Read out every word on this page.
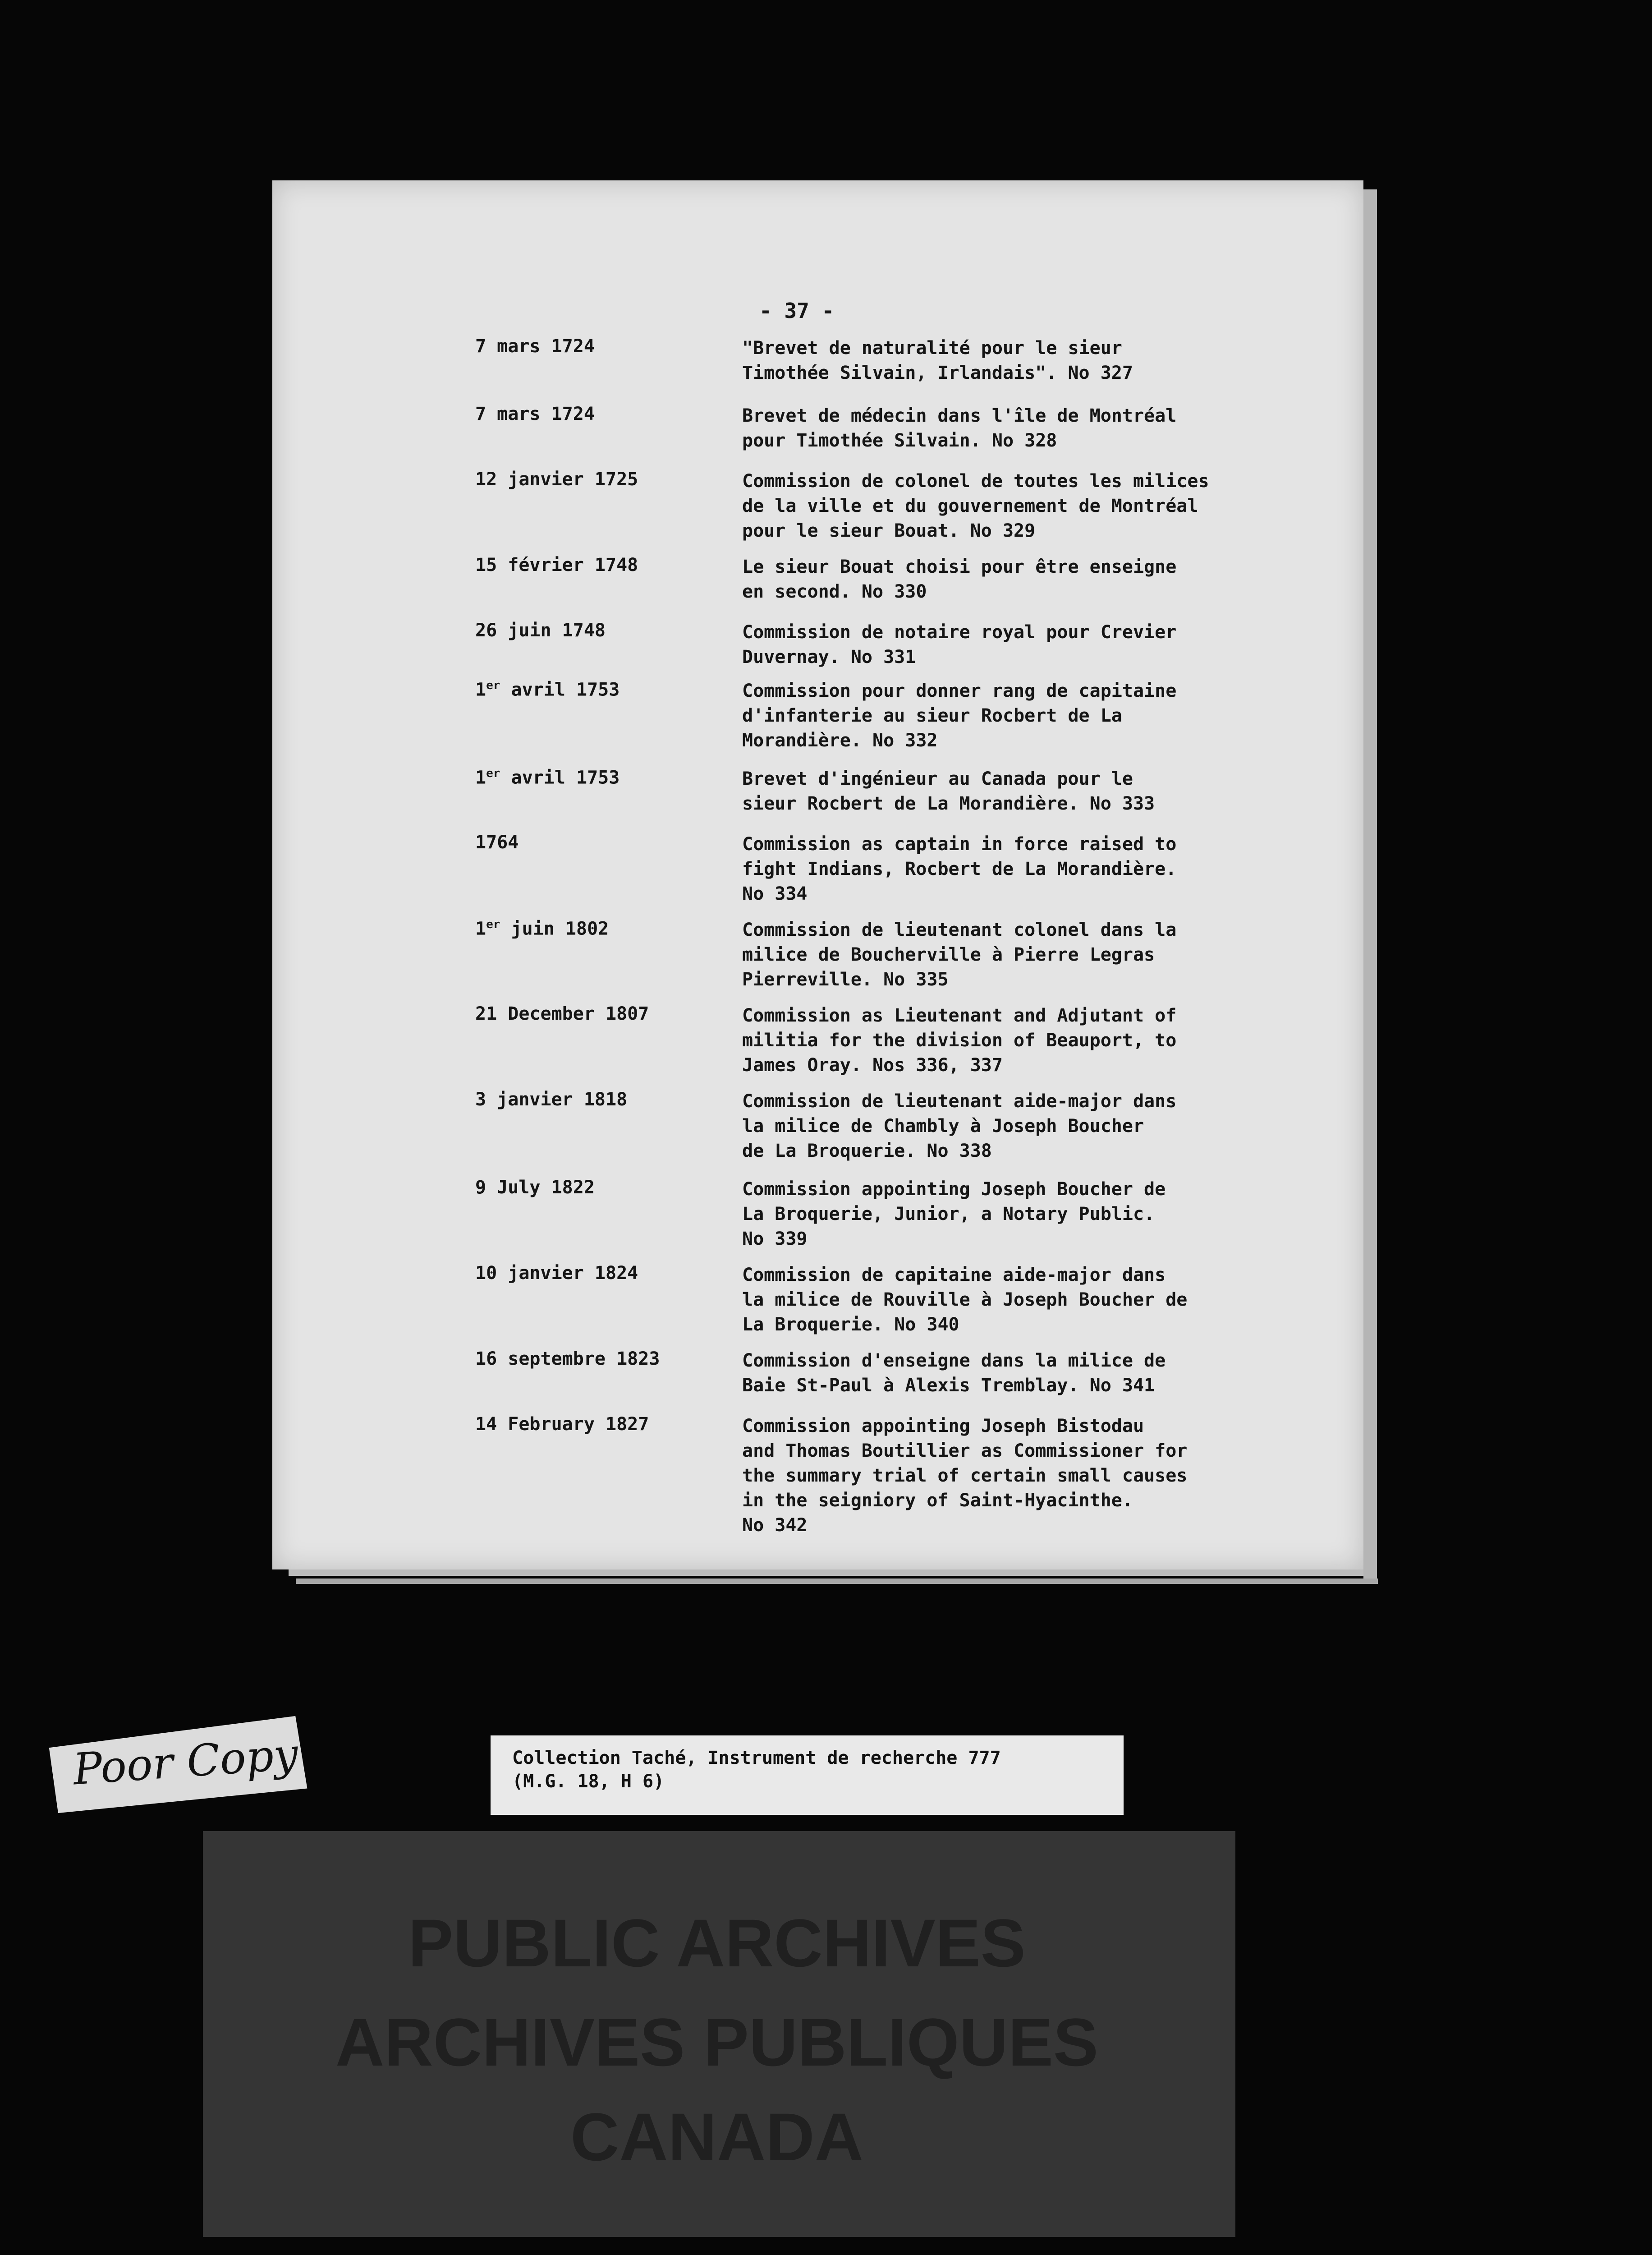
- 37 -
7 mars 1724	"Brevet de naturalité pour le sieur
Timothée Silvain, Irlandais". No 327
7 mars 1724	Brevet de médecin dans l'île de Montréal
pour Timothée Silvain. No 328
12 janvier 1725	Commission de colonel de toutes les milices
de la ville et du gouvernement de Montréal
pour le sieur Bouat. No 329
15 février 1748	Le sieur Bouat choisi pour être enseigne
en second. No 330
26 juin 1748	Commission de notaire royal pour Crevier
Duvernay. No 331
1er avril 1753	Commission pour donner rang de capitaine
d'infanterie au sieur Rocbert de La
Morandière. No 332
1er avril 1753	Brevet d'ingénieur au Canada pour le
sieur Rocbert de La Morandière. No 333
1764	Commission as captain in force raised to
fight Indians, Rocbert de La Morandière.
No 334
1er juin 1802	Commission de lieutenant colonel dans la
milice de Boucherville à Pierre Legras
Pierreville. No 335
21 December 1807	Commission as Lieutenant and Adjutant of
militia for the division of Beauport, to
James Oray. Nos 336, 337
3 janvier 1818	Commission de lieutenant aide-major dans
la milice de Chambly à Joseph Boucher
de La Broquerie. No 338
9 July 1822	Commission appointing Joseph Boucher de
La Broquerie, Junior, a Notary Public.
No 339
10 janvier 1824	Commission de capitaine aide-major dans
la milice de Rouville à Joseph Boucher de
La Broquerie. No 340
16 septembre 1823	Commission d'enseigne dans la milice de
Baie St-Paul à Alexis Tremblay. No 341
14 February 1827	Commission appointing Joseph Bistodau
and Thomas Boutillier as Commissioner for
the summary trial of certain small causes
in the seigniory of Saint-Hyacinthe.
No 342
Collection Taché, Instrument de recherche 777
(M.G. 18, H 6)
Poor Copy
PUBLIC ARCHIVES
ARCHIVES PUBLIQUES
CANADA
